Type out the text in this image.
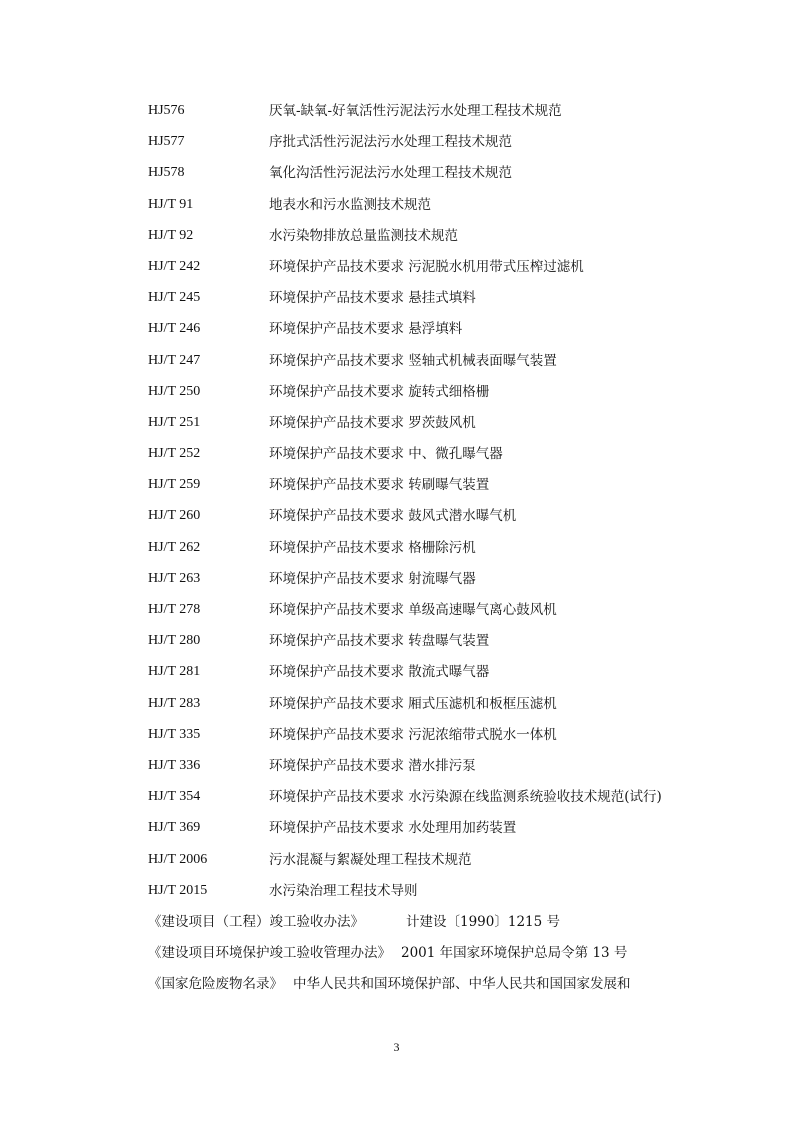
HJ576	厌氧-缺氧-好氧活性污泥法污水处理工程技术规范
HJ577	序批式活性污泥法污水处理工程技术规范
HJ578	氧化沟活性污泥法污水处理工程技术规范
HJ/T 91	地表水和污水监测技术规范
HJ/T 92	水污染物排放总量监测技术规范
HJ/T 242	环境保护产品技术要求 污泥脱水机用带式压榨过滤机
HJ/T 245	环境保护产品技术要求 悬挂式填料
HJ/T 246	环境保护产品技术要求 悬浮填料
HJ/T 247	环境保护产品技术要求 竖轴式机械表面曝气装置
HJ/T 250	环境保护产品技术要求 旋转式细格栅
HJ/T 251	环境保护产品技术要求 罗茨鼓风机
HJ/T 252	环境保护产品技术要求 中、微孔曝气器
HJ/T 259	环境保护产品技术要求 转刷曝气装置
HJ/T 260	环境保护产品技术要求 鼓风式潜水曝气机
HJ/T 262	环境保护产品技术要求 格栅除污机
HJ/T 263	环境保护产品技术要求 射流曝气器
HJ/T 278	环境保护产品技术要求 单级高速曝气离心鼓风机
HJ/T 280	环境保护产品技术要求 转盘曝气装置
HJ/T 281	环境保护产品技术要求 散流式曝气器
HJ/T 283	环境保护产品技术要求 厢式压滤机和板框压滤机
HJ/T 335	环境保护产品技术要求 污泥浓缩带式脱水一体机
HJ/T 336	环境保护产品技术要求 潜水排污泵
HJ/T 354	环境保护产品技术要求 水污染源在线监测系统验收技术规范(试行)
HJ/T 369	环境保护产品技术要求 水处理用加药装置
HJ/T 2006	污水混凝与絮凝处理工程技术规范
HJ/T 2015	水污染治理工程技术导则
《建设项目（工程）竣工验收办法》	计建设〔1990〕1215 号
《建设项目环境保护竣工验收管理办法》 2001 年国家环境保护总局令第 13 号
《国家危险废物名录》 中华人民共和国环境保护部、中华人民共和国国家发展和
3
